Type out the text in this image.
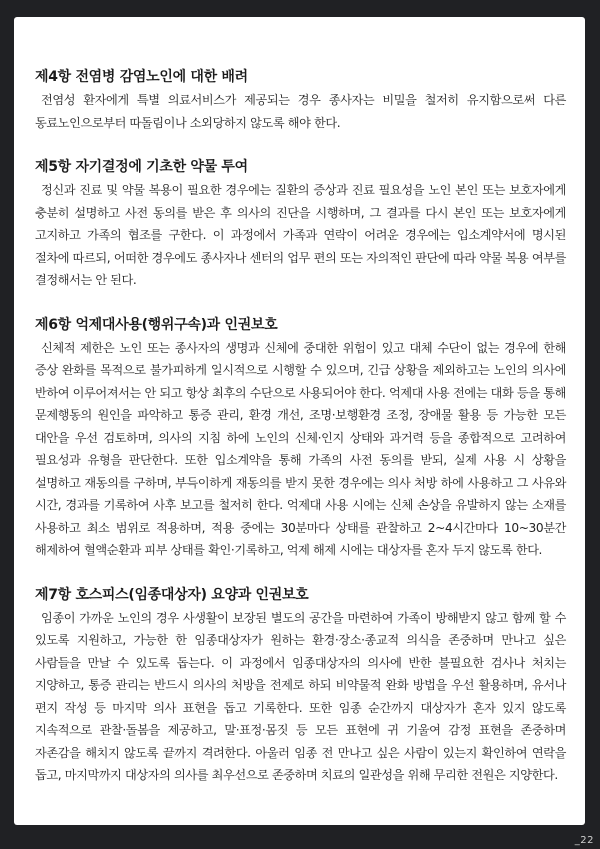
제4항 전염병 감염노인에 대한 배려

전염성 환자에게 특별 의료서비스가 제공되는 경우 종사자는 비밀을 철저히 유지함으로써 다른 동료노인으로부터 따돌림이나 소외당하지 않도록 해야 한다.

제5항 자기결정에 기초한 약물 투여

정신과 진료 및 약물 복용이 필요한 경우에는 질환의 증상과 진료 필요성을 노인 본인 또는 보호자에게 충분히 설명하고 사전 동의를 받은 후 의사의 진단을 시행하며, 그 결과를 다시 본인 또는 보호자에게 고지하고 가족의 협조를 구한다. 이 과정에서 가족과 연락이 어려운 경우에는 입소계약서에 명시된 절차에 따르되, 어떠한 경우에도 종사자나 센터의 업무 편의 또는 자의적인 판단에 따라 약물 복용 여부를 결정해서는 안 된다.

제6항 억제대사용(행위구속)과 인권보호

신체적 제한은 노인 또는 종사자의 생명과 신체에 중대한 위험이 있고 대체 수단이 없는 경우에 한해 증상 완화를 목적으로 불가피하게 일시적으로 시행할 수 있으며, 긴급 상황을 제외하고는 노인의 의사에 반하여 이루어져서는 안 되고 항상 최후의 수단으로 사용되어야 한다. 억제대 사용 전에는 대화 등을 통해 문제행동의 원인을 파악하고 통증 관리, 환경 개선, 조명·보행환경 조정, 장애물 활용 등 가능한 모든 대안을 우선 검토하며, 의사의 지침 하에 노인의 신체·인지 상태와 과거력 등을 종합적으로 고려하여 필요성과 유형을 판단한다. 또한 입소계약을 통해 가족의 사전 동의를 받되, 실제 사용 시 상황을 설명하고 재동의를 구하며, 부득이하게 재동의를 받지 못한 경우에는 의사 처방 하에 사용하고 그 사유와 시간, 경과를 기록하여 사후 보고를 철저히 한다. 억제대 사용 시에는 신체 손상을 유발하지 않는 소재를 사용하고 최소 범위로 적용하며, 적용 중에는 30분마다 상태를 관찰하고 2~4시간마다 10~30분간 해제하여 혈액순환과 피부 상태를 확인·기록하고, 억제 해제 시에는 대상자를 혼자 두지 않도록 한다.

제7항 호스피스(임종대상자) 요양과 인권보호

임종이 가까운 노인의 경우 사생활이 보장된 별도의 공간을 마련하여 가족이 방해받지 않고 함께 할 수 있도록 지원하고, 가능한 한 임종대상자가 원하는 환경·장소·종교적 의식을 존중하며 만나고 싶은 사람들을 만날 수 있도록 돕는다. 이 과정에서 임종대상자의 의사에 반한 불필요한 검사나 처치는 지양하고, 통증 관리는 반드시 의사의 처방을 전제로 하되 비약물적 완화 방법을 우선 활용하며, 유서나 편지 작성 등 마지막 의사 표현을 돕고 기록한다. 또한 임종 순간까지 대상자가 혼자 있지 않도록 지속적으로 관찰·돌봄을 제공하고, 말·표정·몸짓 등 모든 표현에 귀 기울여 감정 표현을 존중하며 자존감을 해치지 않도록 끝까지 격려한다. 아울러 임종 전 만나고 싶은 사람이 있는지 확인하여 연락을 돕고, 마지막까지 대상자의 의사를 최우선으로 존중하며 치료의 일관성을 위해 무리한 전원은 지양한다.

_22
